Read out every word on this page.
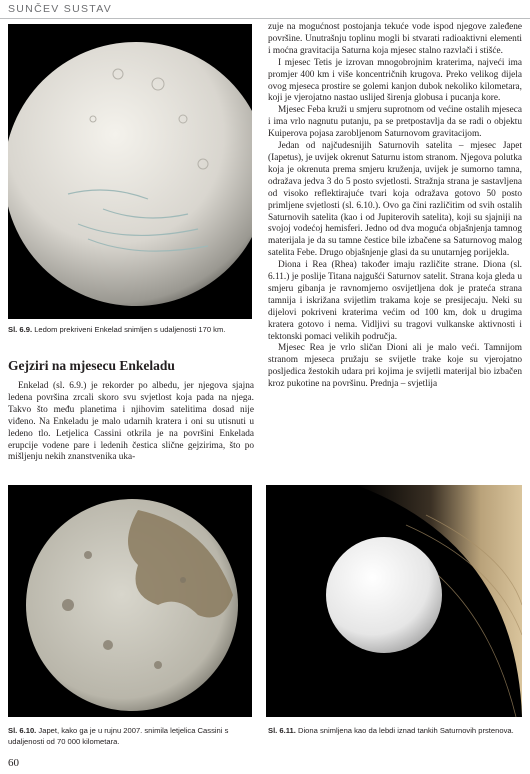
SUNČEV SUSTAV
Sl. 6.9. Ledom prekriveni Enkelad snimljen s udaljenosti 170 km.
Gejziri na mjesecu Enkeladu

Enkelad (sl. 6.9.) je rekorder po albedu, jer njegova sjajna ledena površina zrcali skoro svu svjetlost koja pada na njega. Takvo što među planetima i njihovim satelitima dosad nije viđeno. Na Enkeladu je malo udarnih kratera i oni su utisnuti u ledeno tlo. Letjelica Cassini otkrila je na površini Enkelada erupcije vodene pare i ledenih čestica slične gejzirima, što po mišljenju nekih znanstvenika uka-

zuje na mogućnost postojanja tekuće vode ispod njegove zaleđene površine. Unutrašnju toplinu mogli bi stvarati radioaktivni elementi i moćna gravitacija Saturna koja mjesec stalno razvlači i stišće.

I mjesec Tetis je izrovan mnogobrojnim kraterima, najveći ima promjer 400 km i više koncentričnih krugova. Preko velikog dijela ovog mjeseca prostire se golemi kanjon dubok nekoliko kilometara, koji je vjerojatno nastao uslijed širenja globusa i pucanja kore.

Mjesec Feba kruži u smjeru suprotnom od većine ostalih mjeseca i ima vrlo nagnutu putanju, pa se pretpostavlja da se radi o objektu Kuiperova pojasa zarobljenom Saturnovom gravitacijom.

Jedan od najčudesnijih Saturnovih satelita – mjesec Japet (Iapetus), je uvijek okrenut Saturnu istom stranom. Njegova polutka koja je okrenuta prema smjeru kruženja, uvijek je sumorno tamna, odražava jedva 3 do 5 posto svjetlosti. Stražnja strana je sastavljena od visoko reflektirajuće tvari koja odražava gotovo 50 posto primljene svjetlosti (sl. 6.10.). Ovo ga čini različitim od svih ostalih Saturnovih satelita (kao i od Jupiterovih satelita), koji su sjajniji na svojoj vodećoj hemisferi. Jedno od dva moguća objašnjenja tamnog materijala je da su tamne čestice bile izbačene sa Saturnovog malog satelita Febe. Drugo objašnjenje glasi da su unutarnjeg porijekla.

Diona i Rea (Rhea) također imaju različite strane. Diona (sl. 6.11.) je poslije Titana najgušći Saturnov satelit. Strana koja gleda u smjeru gibanja je ravnomjerno osvijetljena dok je prateća strana tamnija i iskrižana svijetlim trakama koje se presijecaju. Neki su dijelovi pokriveni kraterima većim od 100 km, dok u drugima kratera gotovo i nema. Vidljivi su tragovi vulkanske aktivnosti i tektonski pomaci velikih područja.

Mjesec Rea je vrlo sličan Dioni ali je malo veći. Tamnijom stranom mjeseca pružaju se svijetle trake koje su vjerojatno posljedica žestokih udara pri kojima je svijetli materijal bio izbačen kroz pukotine na površinu. Prednja – svjetlija

Sl. 6.10. Japet, kako ga je u rujnu 2007. snimila letjelica Cassini s udaljenosti od 70 000 kilometara.
Sl. 6.11. Diona snimljena kao da lebdi iznad tankih Saturnovih prstenova.
60
